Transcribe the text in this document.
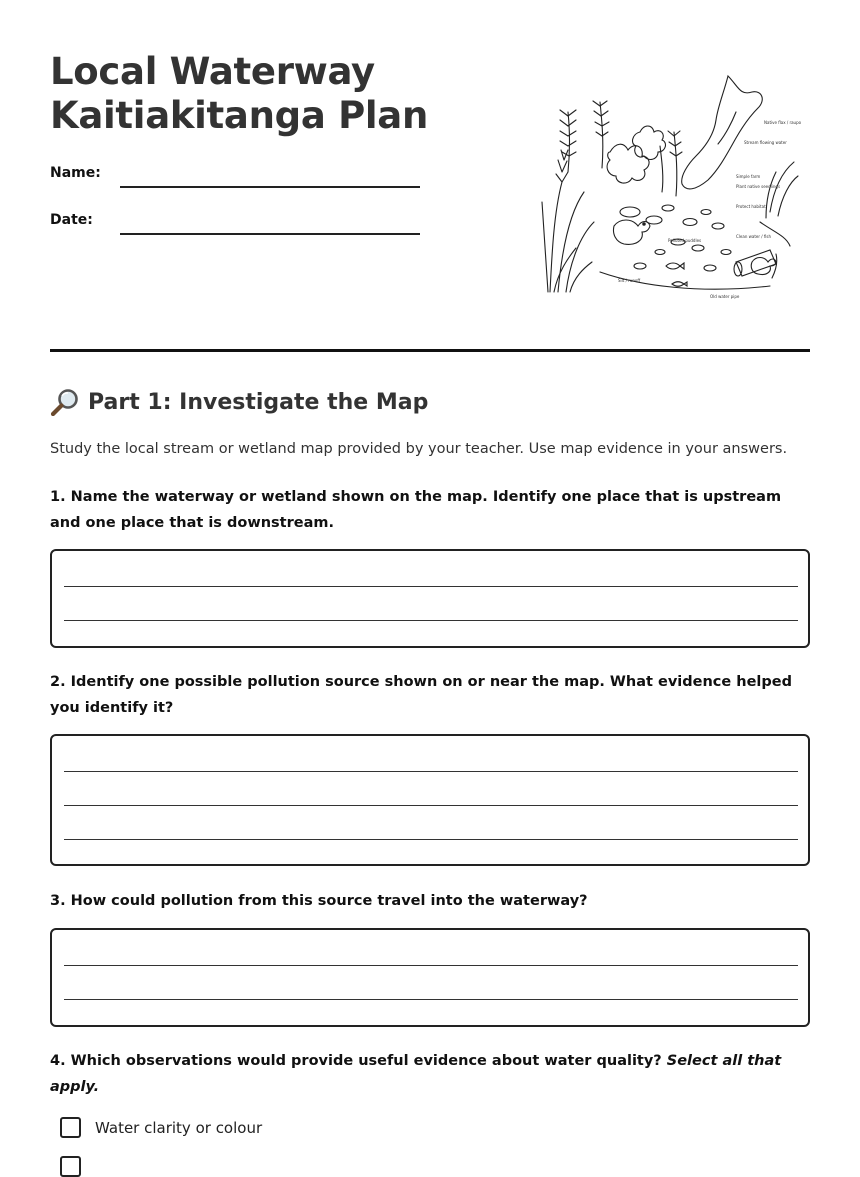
Local Waterway
Kaitiakitanga Plan
Name:
Date:
Native flax / raupo
Stream flowing water
Simple farm
Plant native seedlings
Protect habitat
Polluted puddles
Silt / runoff
Old water pipe
Clean water / fish
Part 1: Investigate the Map
Study the local stream or wetland map provided by your teacher. Use map evidence in your answers.
1. Name the waterway or wetland shown on the map. Identify one place that is upstream and one place that is downstream.
2. Identify one possible pollution source shown on or near the map. What evidence helped you identify it?
3. How could pollution from this source travel into the waterway?
4. Which observations would provide useful evidence about water quality? Select all that apply.
Water clarity or colour
